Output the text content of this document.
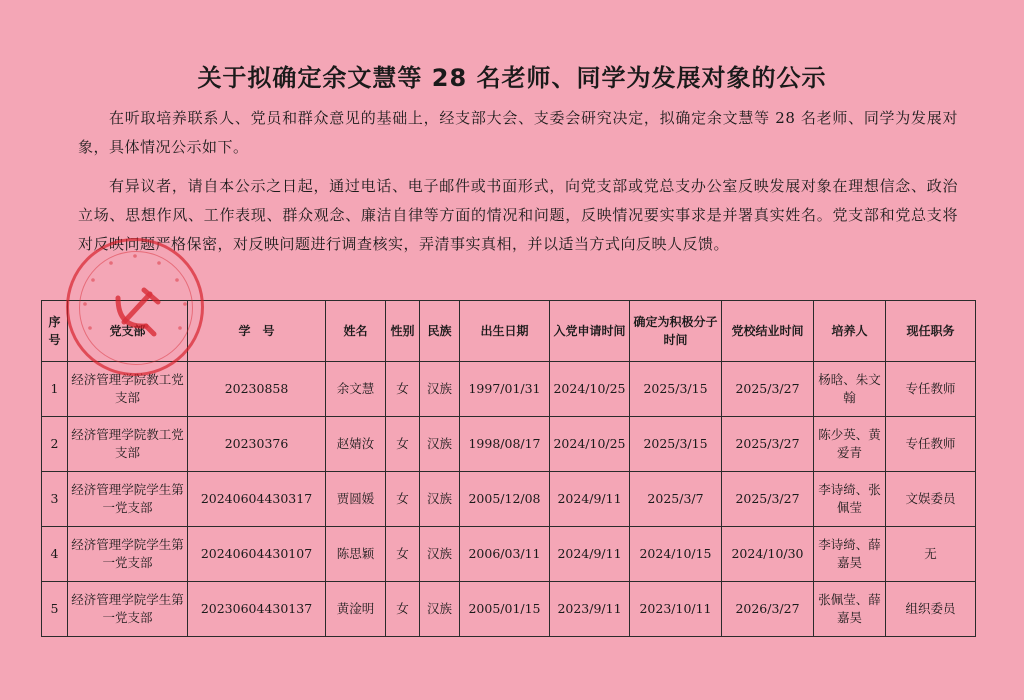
关于拟确定余文慧等 28 名老师、同学为发展对象的公示
在听取培养联系人、党员和群众意见的基础上，经支部大会、支委会研究决定，拟确定余文慧等 28 名老师、同学为发展对象，具体情况公示如下。
有异议者，请自本公示之日起，通过电话、电子邮件或书面形式，向党支部或党总支办公室反映发展对象在理想信念、政治立场、思想作风、工作表现、群众观念、廉洁自律等方面的情况和问题，反映情况要实事求是并署真实姓名。党支部和党总支将对反映问题严格保密，对反映问题进行调查核实，弄清事实真相，并以适当方式向反映人反馈。
序号	党支部	学　号	姓名	性别	民族	出生日期	入党申请时间	确定为积极分子时间	党校结业时间	培养人	现任职务
1	经济管理学院教工党支部	20230858	余文慧	女	汉族	1997/01/31	2024/10/25	2025/3/15	2025/3/27	杨晗、朱文翰	专任教师
2	经济管理学院教工党支部	20230376	赵婧汝	女	汉族	1998/08/17	2024/10/25	2025/3/15	2025/3/27	陈少英、黄爱青	专任教师
3	经济管理学院学生第一党支部	20240604430317	贾圆媛	女	汉族	2005/12/08	2024/9/11	2025/3/7	2025/3/27	李诗绮、张佩莹	文娱委员
4	经济管理学院学生第一党支部	20240604430107	陈思颖	女	汉族	2006/03/11	2024/9/11	2024/10/15	2024/10/30	李诗绮、薛嘉昊	无
5	经济管理学院学生第一党支部	20230604430137	黄淦明	女	汉族	2005/01/15	2023/9/11	2023/10/11	2026/3/27	张佩莹、薛嘉昊	组织委员
